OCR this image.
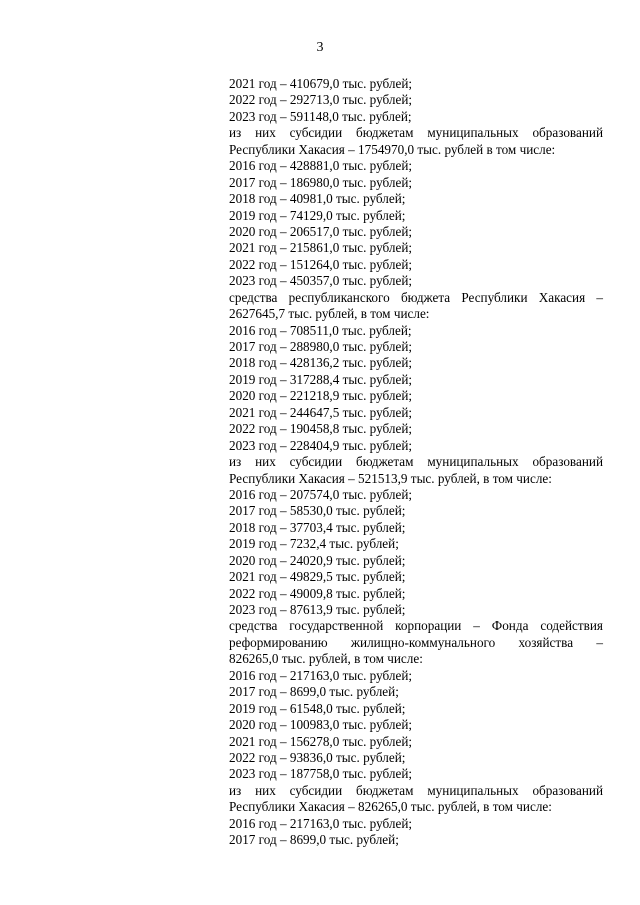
3
2021 год – 410679,0 тыс. рублей;
2022 год – 292713,0 тыс. рублей;
2023 год – 591148,0 тыс. рублей;
из них субсидии бюджетам муниципальных образований
Республики Хакасия – 1754970,0 тыс. рублей в том числе:
2016 год – 428881,0 тыс. рублей;
2017 год – 186980,0 тыс. рублей;
2018 год – 40981,0 тыс. рублей;
2019 год – 74129,0 тыс. рублей;
2020 год – 206517,0 тыс. рублей;
2021 год – 215861,0 тыс. рублей;
2022 год – 151264,0 тыс. рублей;
2023 год – 450357,0 тыс. рублей;
средства республиканского бюджета Республики Хакасия –
2627645,7 тыс. рублей, в том числе:
2016 год – 708511,0 тыс. рублей;
2017 год – 288980,0 тыс. рублей;
2018 год – 428136,2 тыс. рублей;
2019 год – 317288,4 тыс. рублей;
2020 год – 221218,9 тыс. рублей;
2021 год – 244647,5 тыс. рублей;
2022 год – 190458,8 тыс. рублей;
2023 год – 228404,9 тыс. рублей;
из них субсидии бюджетам муниципальных образований
Республики Хакасия – 521513,9 тыс. рублей, в том числе:
2016 год – 207574,0 тыс. рублей;
2017 год – 58530,0 тыс. рублей;
2018 год – 37703,4 тыс. рублей;
2019 год – 7232,4 тыс. рублей;
2020 год – 24020,9 тыс. рублей;
2021 год – 49829,5 тыс. рублей;
2022 год – 49009,8 тыс. рублей;
2023 год – 87613,9 тыс. рублей;
средства государственной корпорации – Фонда содействия
реформированию жилищно-коммунального хозяйства –
826265,0 тыс. рублей, в том числе:
2016 год – 217163,0 тыс. рублей;
2017 год – 8699,0 тыс. рублей;
2019 год – 61548,0 тыс. рублей;
2020 год – 100983,0 тыс. рублей;
2021 год – 156278,0 тыс. рублей;
2022 год – 93836,0 тыс. рублей;
2023 год – 187758,0 тыс. рублей;
из них субсидии бюджетам муниципальных образований
Республики Хакасия – 826265,0 тыс. рублей, в том числе:
2016 год – 217163,0 тыс. рублей;
2017 год – 8699,0 тыс. рублей;
